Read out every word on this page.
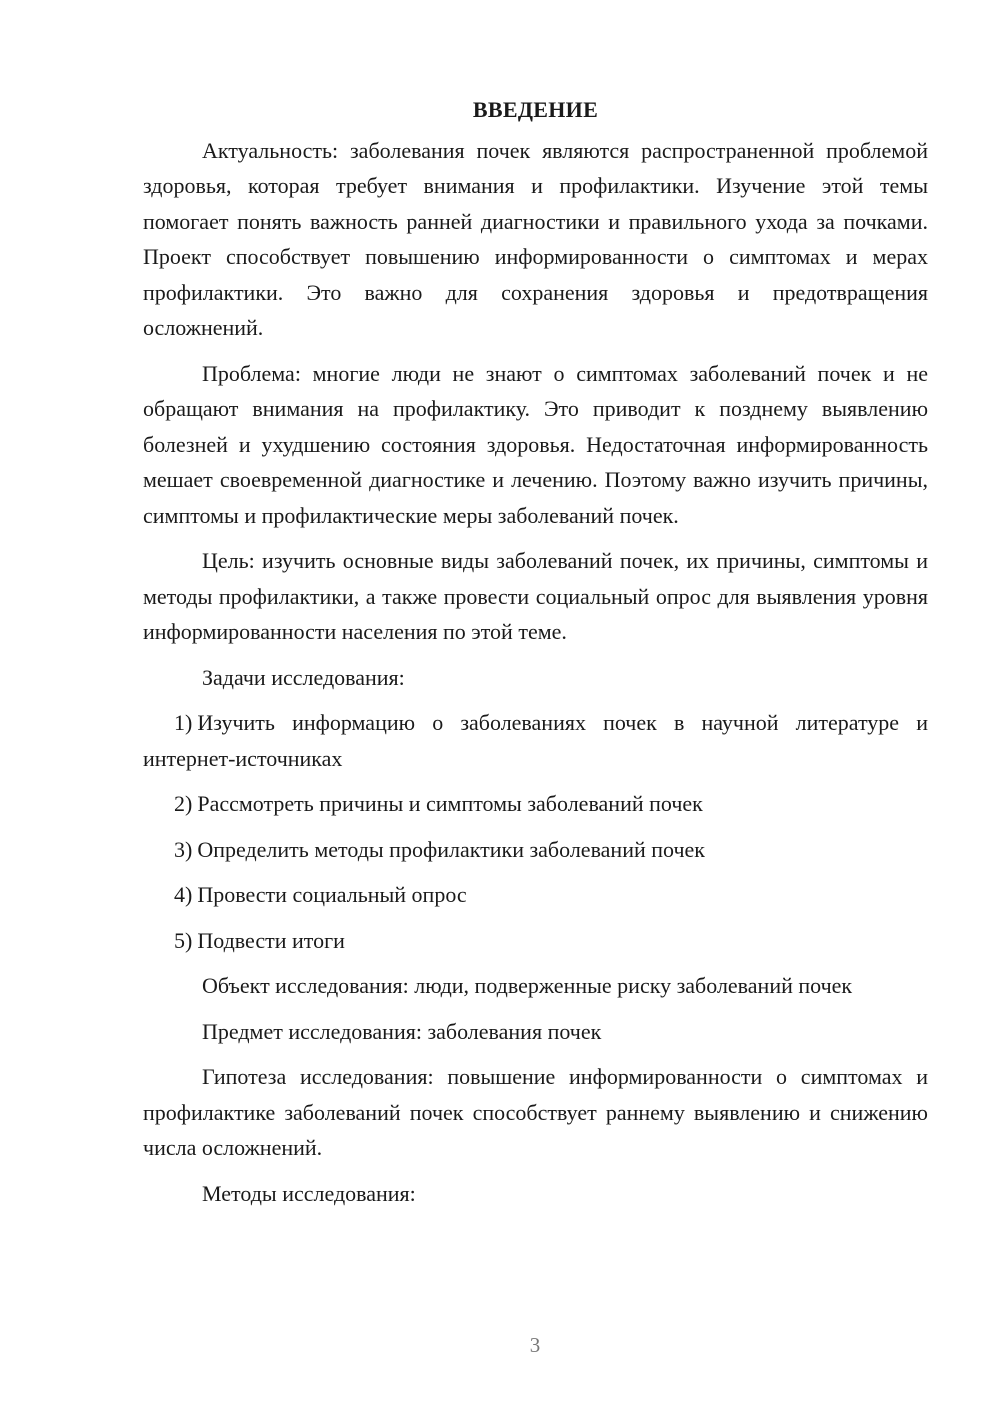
ВВЕДЕНИЕ

Актуальность: заболевания почек являются распространенной проблемой здоровья, которая требует внимания и профилактики. Изучение этой темы помогает понять важность ранней диагностики и правильного ухода за почками. Проект способствует повышению информированности о симптомах и мерах профилактики. Это важно для сохранения здоровья и предотвращения осложнений.

Проблема: многие люди не знают о симптомах заболеваний почек и не обращают внимания на профилактику. Это приводит к позднему выявлению болезней и ухудшению состояния здоровья. Недостаточная информированность мешает своевременной диагностике и лечению. Поэтому важно изучить причины, симптомы и профилактические меры заболеваний почек.

Цель: изучить основные виды заболеваний почек, их причины, симптомы и методы профилактики, а также провести социальный опрос для выявления уровня информированности населения по этой теме.

Задачи исследования:

1) Изучить информацию о заболеваниях почек в научной литературе и интернет-источниках

2) Рассмотреть причины и симптомы заболеваний почек

3) Определить методы профилактики заболеваний почек

4) Провести социальный опрос

5) Подвести итоги

Объект исследования: люди, подверженные риску заболеваний почек

Предмет исследования: заболевания почек

Гипотеза исследования: повышение информированности о симптомах и профилактике заболеваний почек способствует раннему выявлению и снижению числа осложнений.

Методы исследования:

3
